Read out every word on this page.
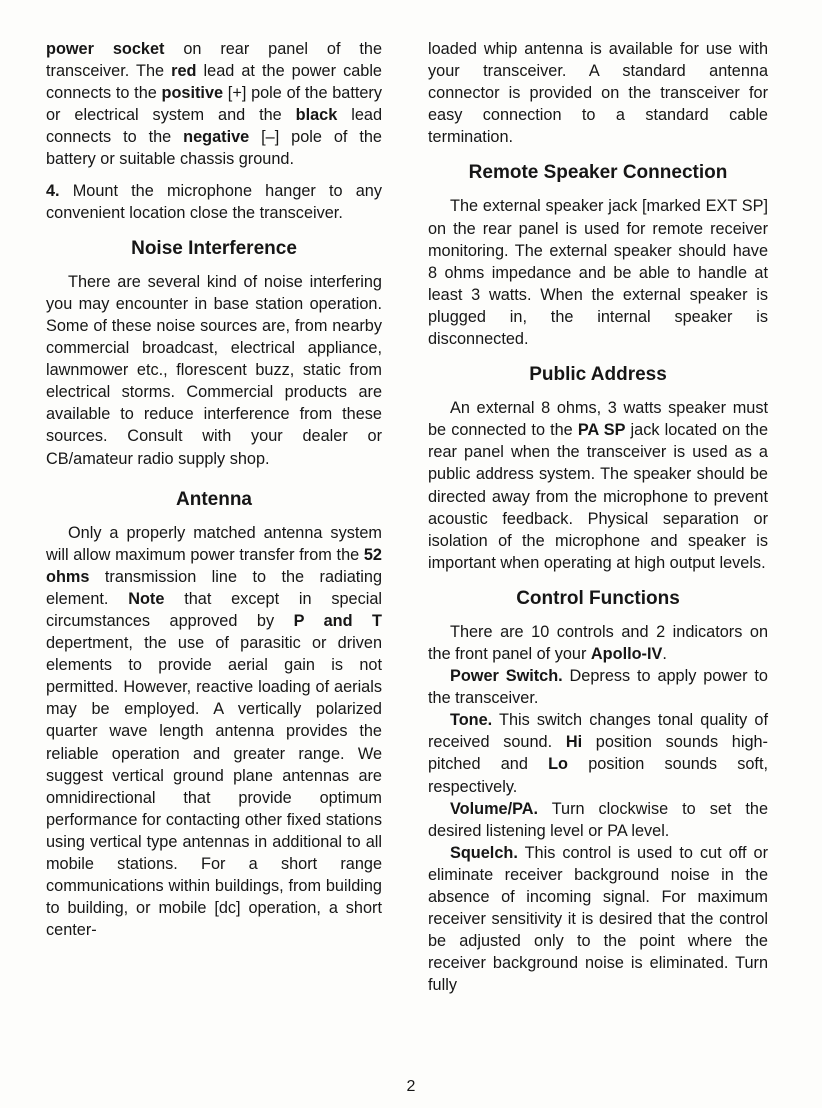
power socket on rear panel of the transceiver. The red lead at the power cable connects to the positive [+] pole of the battery or electrical system and the black lead connects to the negative [–] pole of the battery or suitable chassis ground.

4. Mount the microphone hanger to any convenient location close the transceiver.

Noise Interference

There are several kind of noise interfering you may encounter in base station operation. Some of these noise sources are, from nearby commercial broadcast, electrical appliance, lawnmower etc., florescent buzz, static from electrical storms. Commercial products are available to reduce interference from these sources. Consult with your dealer or CB/amateur radio supply shop.

Antenna

Only a properly matched antenna system will allow maximum power transfer from the 52 ohms transmission line to the radiating element. Note that except in special circumstances approved by P and T depertment, the use of parasitic or driven elements to provide aerial gain is not permitted. However, reactive loading of aerials may be employed. A vertically polarized quarter wave length antenna provides the reliable operation and greater range. We suggest vertical ground plane antennas are omnidirectional that provide optimum performance for contacting other fixed stations using vertical type antennas in additional to all mobile stations. For a short range communications within buildings, from building to building, or mobile [dc] operation, a short center-

loaded whip antenna is available for use with your transceiver. A standard antenna connector is provided on the transceiver for easy connection to a standard cable termination.

Remote Speaker Connection

The external speaker jack [marked EXT SP] on the rear panel is used for remote receiver monitoring. The external speaker should have 8 ohms impedance and be able to handle at least 3 watts. When the external speaker is plugged in, the internal speaker is disconnected.

Public Address

An external 8 ohms, 3 watts speaker must be connected to the PA SP jack located on the rear panel when the transceiver is used as a public address system. The speaker should be directed away from the microphone to prevent acoustic feedback. Physical separation or isolation of the microphone and speaker is important when operating at high output levels.

Control Functions

There are 10 controls and 2 indicators on the front panel of your Apollo-IV.

Power Switch. Depress to apply power to the transceiver.

Tone. This switch changes tonal quality of received sound. Hi position sounds high-pitched and Lo position sounds soft, respectively.

Volume/PA. Turn clockwise to set the desired listening level or PA level.

Squelch. This control is used to cut off or eliminate receiver background noise in the absence of incoming signal. For maximum receiver sensitivity it is desired that the control be adjusted only to the point where the receiver background noise is eliminated. Turn fully

2
